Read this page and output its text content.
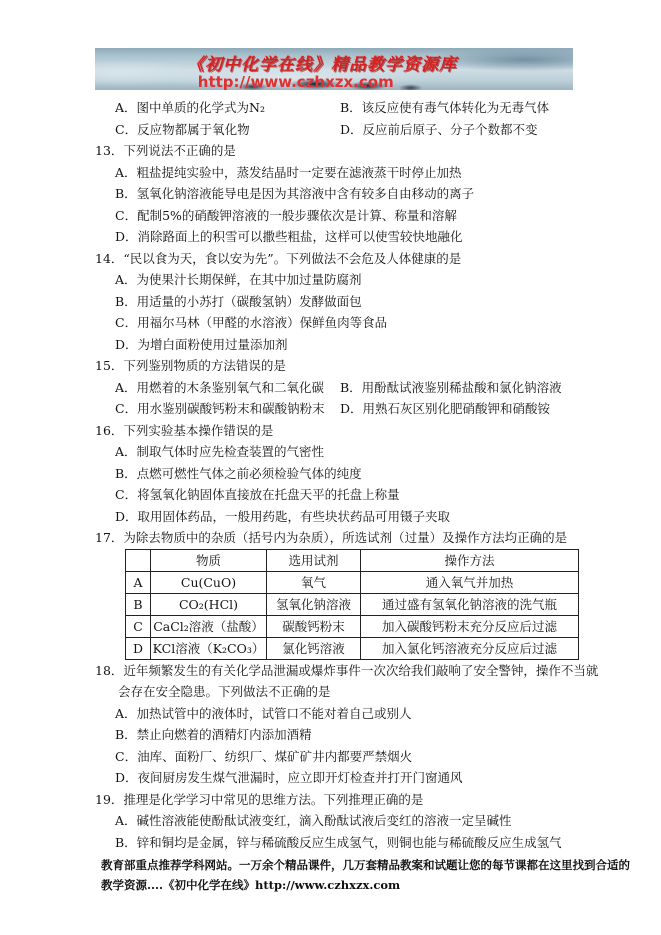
《初中化学在线》精品教学资源库
http://www.czhxzx.com
A．图中单质的化学式为N₂	B．该反应使有毒气体转化为无毒气体
C．反应物都属于氧化物	D．反应前后原子、分子个数都不变
13．下列说法不正确的是
A．粗盐提纯实验中，蒸发结晶时一定要在滤液蒸干时停止加热
B．氢氧化钠溶液能导电是因为其溶液中含有较多自由移动的离子
C．配制5%的硝酸钾溶液的一般步骤依次是计算、称量和溶解
D．消除路面上的积雪可以撒些粗盐，这样可以使雪较快地融化
14．“民以食为天，食以安为先”。下列做法不会危及人体健康的是
A．为使果汁长期保鲜，在其中加过量防腐剂
B．用适量的小苏打（碳酸氢钠）发酵做面包
C．用福尔马林（甲醛的水溶液）保鲜鱼肉等食品
D．为增白面粉使用过量添加剂
15．下列鉴别物质的方法错误的是
A．用燃着的木条鉴别氧气和二氧化碳	B．用酚酞试液鉴别稀盐酸和氯化钠溶液
C．用水鉴别碳酸钙粉末和碳酸钠粉末	D．用熟石灰区别化肥硝酸钾和硝酸铵
16．下列实验基本操作错误的是
A．制取气体时应先检查装置的气密性
B．点燃可燃性气体之前必须检验气体的纯度
C．将氢氧化钠固体直接放在托盘天平的托盘上称量
D．取用固体药品，一般用药匙，有些块状药品可用镊子夹取
17．为除去物质中的杂质（括号内为杂质），所选试剂（过量）及操作方法均正确的是
	物质	选用试剂	操作方法
A	Cu(CuO)	氧气	通入氧气并加热
B	CO₂(HCl)	氢氧化钠溶液	通过盛有氢氧化钠溶液的洗气瓶
C	CaCl₂溶液（盐酸）	碳酸钙粉末	加入碳酸钙粉末充分反应后过滤
D	KCl溶液（K₂CO₃）	氯化钙溶液	加入氯化钙溶液充分反应后过滤
18．近年频繁发生的有关化学品泄漏或爆炸事件一次次给我们敲响了安全警钟，操作不当就
会存在安全隐患。下列做法不正确的是
A．加热试管中的液体时，试管口不能对着自己或别人
B．禁止向燃着的酒精灯内添加酒精
C．油库、面粉厂、纺织厂、煤矿矿井内都要严禁烟火
D．夜间厨房发生煤气泄漏时，应立即开灯检查并打开门窗通风
19．推理是化学学习中常见的思维方法。下列推理正确的是
A．碱性溶液能使酚酞试液变红，滴入酚酞试液后变红的溶液一定呈碱性
B．锌和铜均是金属，锌与稀硫酸反应生成氢气，则铜也能与稀硫酸反应生成氢气
教育部重点推荐学科网站。一万余个精品课件，几万套精品教案和试题让您的每节课都在这里找到合适的
教学资源....《初中化学在线》http://www.czhxzx.com
